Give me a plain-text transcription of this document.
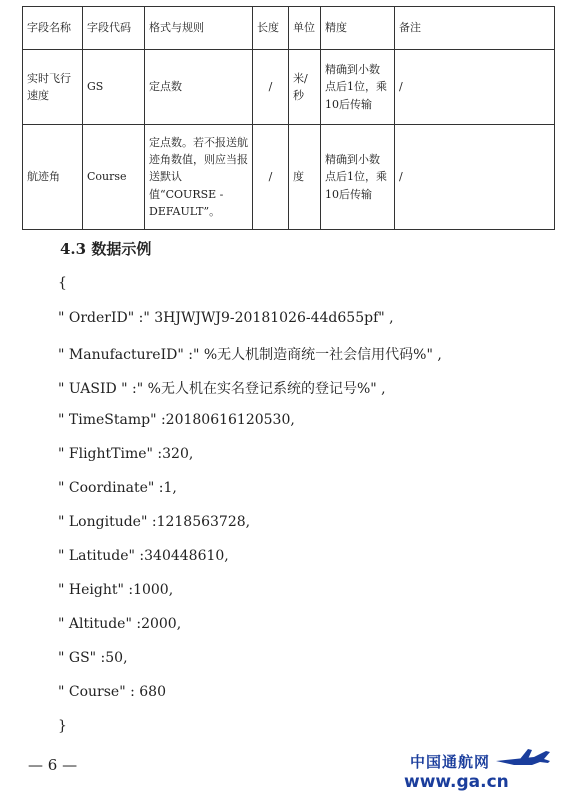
字段名称	字段代码	格式与规则	长度	单位	精度	备注
实时飞行速度	GS	定点数	/	米/秒	精确到小数点后1位，乘10后传输	/
航迹角	Course	定点数。若不报送航迹角数值，则应当报送默认值“COURSE - DEFAULT”。	/	度	精确到小数点后1位，乘10后传输	/
4.3 数据示例
{
" OrderID" :" 3HJWJWJ9-20181026-44d655pf" ,
" ManufactureID" :" %无人机制造商统一社会信用代码%" ,
" UASID " :" %无人机在实名登记系统的登记号%" ,
" TimeStamp" :20180616120530,
" FlightTime" :320,
" Coordinate" :1,
" Longitude" :1218563728,
" Latitude" :340448610,
" Height" :1000,
" Altitude" :2000,
" GS" :50,
" Course" : 680
}
— 6 —	中国通航网
www.ga.cn
